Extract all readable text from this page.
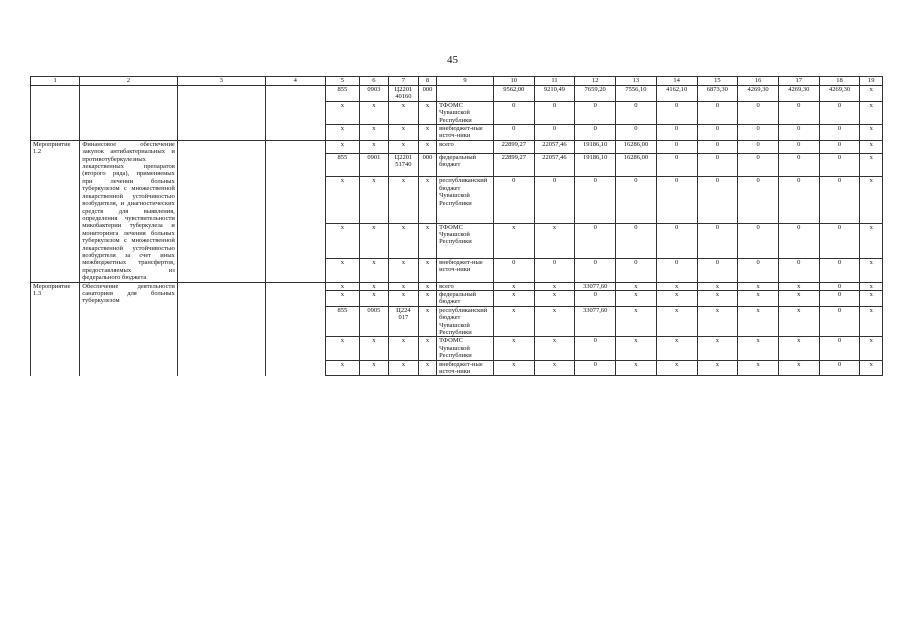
45
1	2	3	4	5	6	7	8	9	10	11	12	13	14	15	16	17	18	19
				855	0903	Ц2201 40160	000		9562,00	9210,49	7659,20	7556,10	4162,10	6873,30	4269,30	4269,30	4269,30	x
				x	x	x	x	ТФОМС Чувашской Республики	0	0	0	0	0	0	0	0	0	x
				x	x	x	x	внебюджет-ные источ-ники	0	0	0	0	0	0	0	0	0	x
Мероприятие 1.2	Финансовое обеспечение закупок антибактериальных и противотуберкулезных лекарственных препаратов (второго ряда), применяемых при лечении больных туберкулезом с множественной лекарственной устойчивостью возбудителя, и диагностических средств для выявления, определения чувствительности микобактерии туберкулеза и мониторинга лечения больных туберкулезом с множественной лекарственной устойчивостью возбудителя за счет иных межбюджетных трансфертов, предоставляемых из федерального бюджета			x	x	x	x	всего	22899,27	22057,46	19186,10	16286,00	0	0	0	0	0	x
				855	0901	Ц2201 51740	000	федеральный бюджет	22899,27	22057,46	19186,10	16286,00	0	0	0	0	0	x
				x	x	x	x	республиканский бюджет Чувашской Республики	0	0	0	0	0	0	0	0	0	x
				x	x	x	x	ТФОМС Чувашской Республики	x	x	0	0	0	0	0	0	0	x
				x	x	x	x	внебюджет-ные источ-ники	0	0	0	0	0	0	0	0	0	x
Мероприятие 1.3	Обеспечение деятельности санаториев для больных туберкулезом			x	x	x	x	всего	x	x	33077,60	x	x	x	x	x	0	x
				x	x	x	x	федеральный бюджет	x	x	0	x	x	x	x	x	0	x
				855	0905	Ц224 017	x	республиканский бюджет Чувашской Республики	x	x	33077,60	x	x	x	x	x	0	x
				x	x	x	x	ТФОМС Чувашской Республики	x	x	0	x	x	x	x	x	0	x
				x	x	x	x	внебюджет-ные источ-ники	x	x	0	x	x	x	x	x	0	x
